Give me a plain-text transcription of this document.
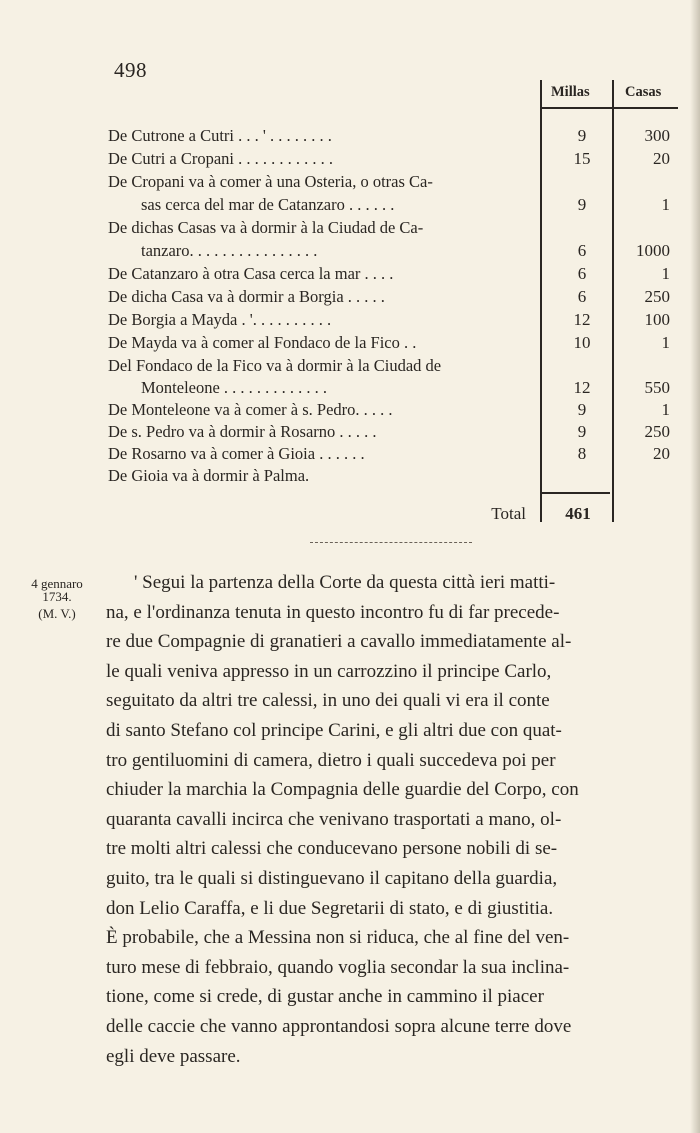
498
Millas Casas
De Cutrone a Cutri . . . ' . . . . . . . .	9	300
De Cutri a Cropani . . . . . . . . . . . .	15	20
De Cropani va à comer à una Osteria, o otras Ca-
sas cerca del mar de Catanzaro . . . . . .	9	1
De dichas Casas va à dormir à la Ciudad de Ca-
tanzaro. . . . . . . . . . . . . . . .	6	1000
De Catanzaro à otra Casa cerca la mar . . . .	6	1
De dicha Casa va à dormir a Borgia . . . . .	6	250
De Borgia a Mayda . '. . . . . . . . . .	12	100
De Mayda va à comer al Fondaco de la Fico . .	10	1
Del Fondaco de la Fico va à dormir à la Ciudad de
Monteleone . . . . . . . . . . . . .	12	550
De Monteleone va à comer à s. Pedro. . . . .	9	1
De s. Pedro va à dormir à Rosarno . . . . .	9	250
De Rosarno va à comer à Gioia . . . . . .	8	20
De Gioia va à dormir à Palma.
Total	461
4 gennaro
1734.
(M. V.)
' Segui la partenza della Corte da questa città ieri matti-
na, e l'ordinanza tenuta in questo incontro fu di far precede-
re due Compagnie di granatieri a cavallo immediatamente al-
le quali veniva appresso in un carrozzino il principe Carlo,
seguitato da altri tre calessi, in uno dei quali vi era il conte
di santo Stefano col principe Carini, e gli altri due con quat-
tro gentiluomini di camera, dietro i quali succedeva poi per
chiuder la marchia la Compagnia delle guardie del Corpo, con
quaranta cavalli incirca che venivano trasportati a mano, ol-
tre molti altri calessi che conducevano persone nobili di se-
guito, tra le quali si distinguevano il capitano della guardia,
don Lelio Caraffa, e li due Segretarii di stato, e di giustitia.
È probabile, che a Messina non si riduca, che al fine del ven-
turo mese di febbraio, quando voglia secondar la sua inclina-
tione, come si crede, di gustar anche in cammino il piacer
delle caccie che vanno approntandosi sopra alcune terre dove
egli deve passare.
